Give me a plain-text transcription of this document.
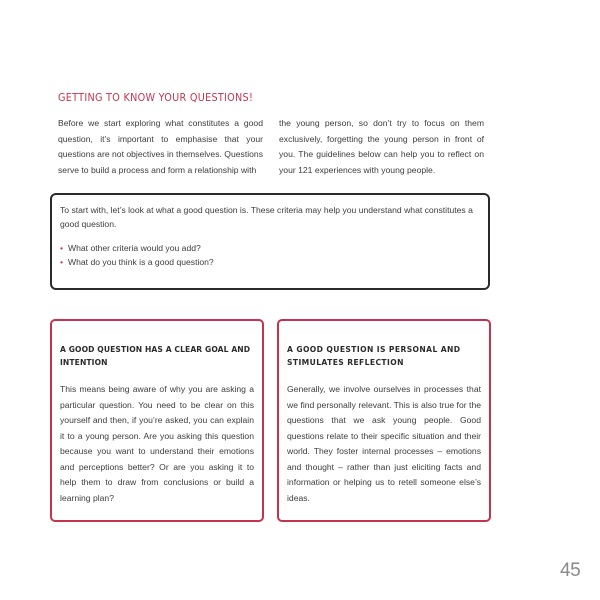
GETTING TO KNOW YOUR QUESTIONS!

Before we start exploring what constitutes a good question, it’s important to emphasise that your questions are not objectives in themselves. Questions serve to build a process and form a relationship with

the young person, so don’t try to focus on them exclusively, forgetting the young person in front of you. The guidelines below can help you to reflect on your 121 experiences with young people.

To start with, let’s look at what a good question is. These criteria may help you understand what constitutes a good question.
• What other criteria would you add?
• What do you think is a good question?
A GOOD QUESTION HAS A CLEAR GOAL AND INTENTION
This means being aware of why you are asking a particular question. You need to be clear on this yourself and then, if you’re asked, you can explain it to a young person. Are you asking this question because you want to understand their emotions and perceptions better? Or are you asking it to help them to draw from conclusions or build a learning plan?
A GOOD QUESTION IS PERSONAL AND STIMULATES REFLECTION
Generally, we involve ourselves in processes that we find personally relevant. This is also true for the questions that we ask young people. Good questions relate to their specific situation and their world. They foster internal processes – emotions and thought – rather than just eliciting facts and information or helping us to retell someone else’s ideas.
45
